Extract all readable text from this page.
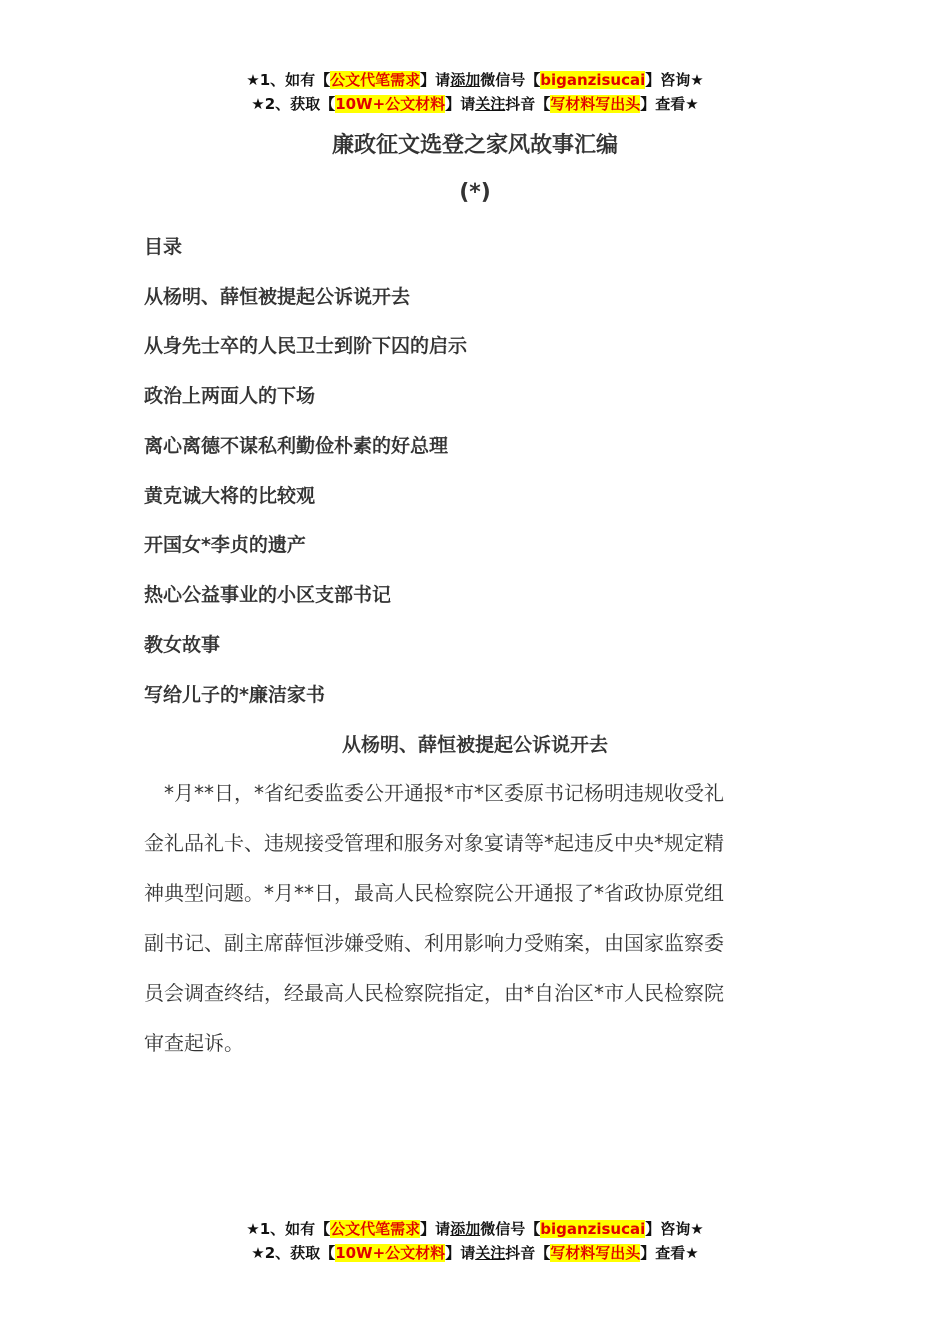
★1、如有【公文代笔需求】请添加微信号【biganzisucai】咨询★
★2、获取【10W+公文材料】请关注抖音【写材料写出头】查看★
廉政征文选登之家风故事汇编
(*)
目录
从杨明、薛恒被提起公诉说开去
从身先士卒的人民卫士到阶下囚的启示
政治上两面人的下场
离心离德不谋私利勤俭朴素的好总理
黄克诚大将的比较观
开国女*李贞的遗产
热心公益事业的小区支部书记
教女故事
写给儿子的*廉洁家书
从杨明、薛恒被提起公诉说开去
　*月**日，*省纪委监委公开通报*市*区委原书记杨明违规收受礼
金礼品礼卡、违规接受管理和服务对象宴请等*起违反中央*规定精
神典型问题。*月**日，最高人民检察院公开通报了*省政协原党组
副书记、副主席薛恒涉嫌受贿、利用影响力受贿案，由国家监察委
员会调查终结，经最高人民检察院指定，由*自治区*市人民检察院
审查起诉。
★1、如有【公文代笔需求】请添加微信号【biganzisucai】咨询★
★2、获取【10W+公文材料】请关注抖音【写材料写出头】查看★
